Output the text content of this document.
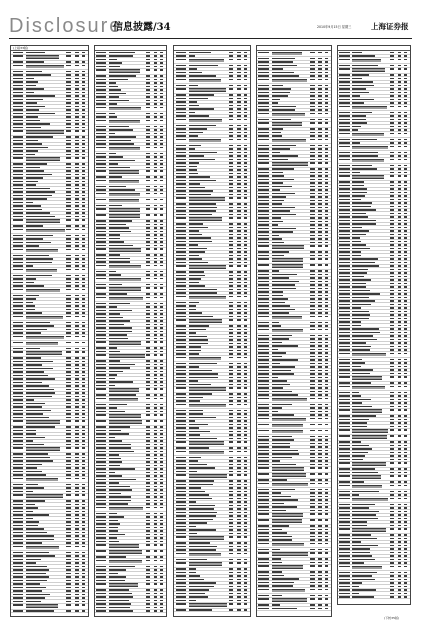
Disclosure
信息披露/34	2010年9月15日 星期三	上海证券报
(上接33版)
(下转35版)
